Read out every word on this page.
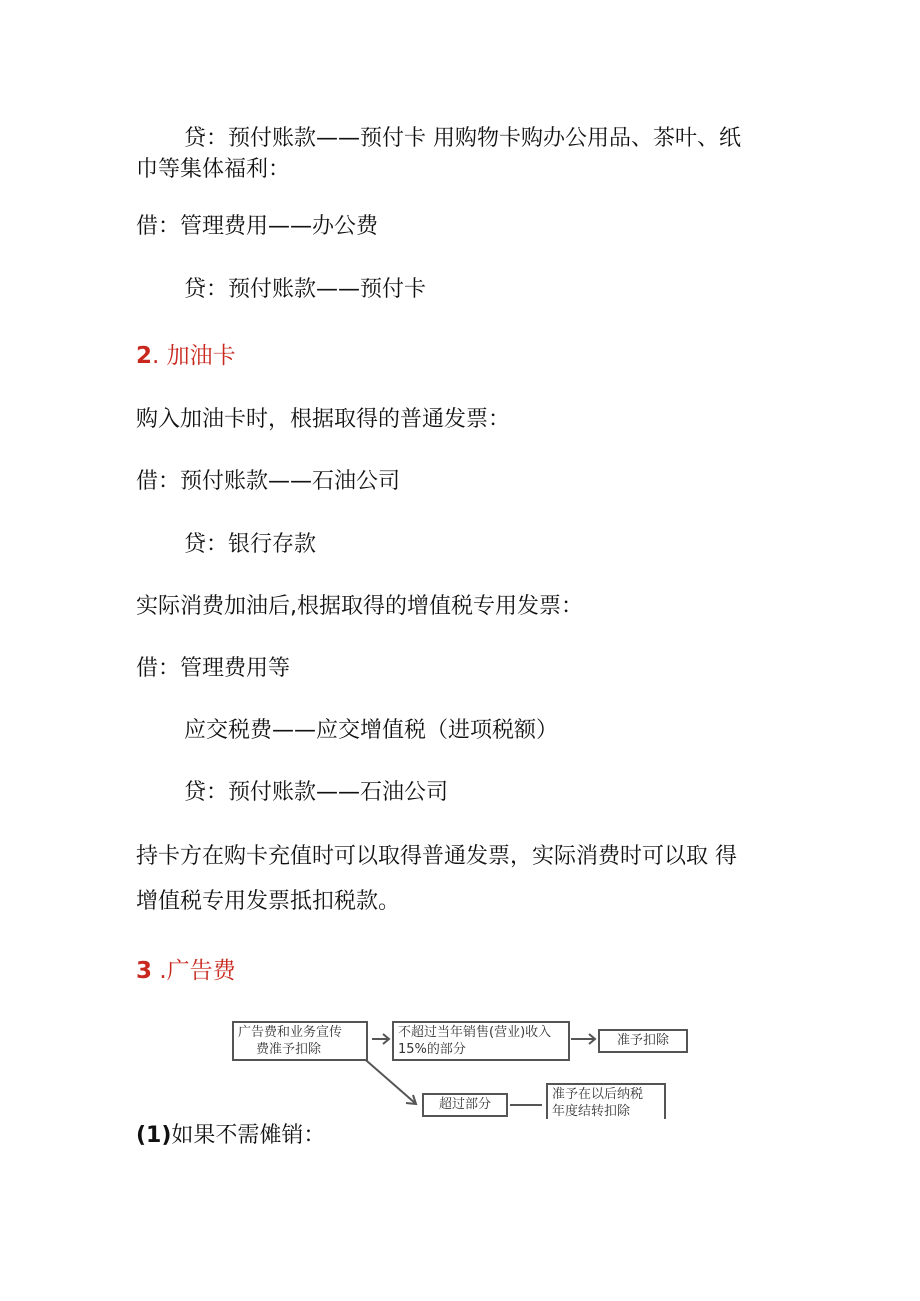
贷：预付账款——预付卡 用购物卡购办公用品、茶叶、纸
巾等集体福利：
借：管理费用——办公费
贷：预付账款——预付卡
2. 加油卡
购入加油卡时，根据取得的普通发票：
借：预付账款——石油公司
贷：银行存款
实际消费加油后,根据取得的增值税专用发票：
借：管理费用等
应交税费——应交增值税（进项税额）
贷：预付账款——石油公司
持卡方在购卡充值时可以取得普通发票，实际消费时可以取 得
增值税专用发票抵扣税款。
3 .广告费
广告费和业务宣传
费准予扣除
不超过当年销售(营业)收入
15%的部分
准予扣除
超过部分
准予在以后纳税
年度结转扣除
(1)如果不需傩销：
